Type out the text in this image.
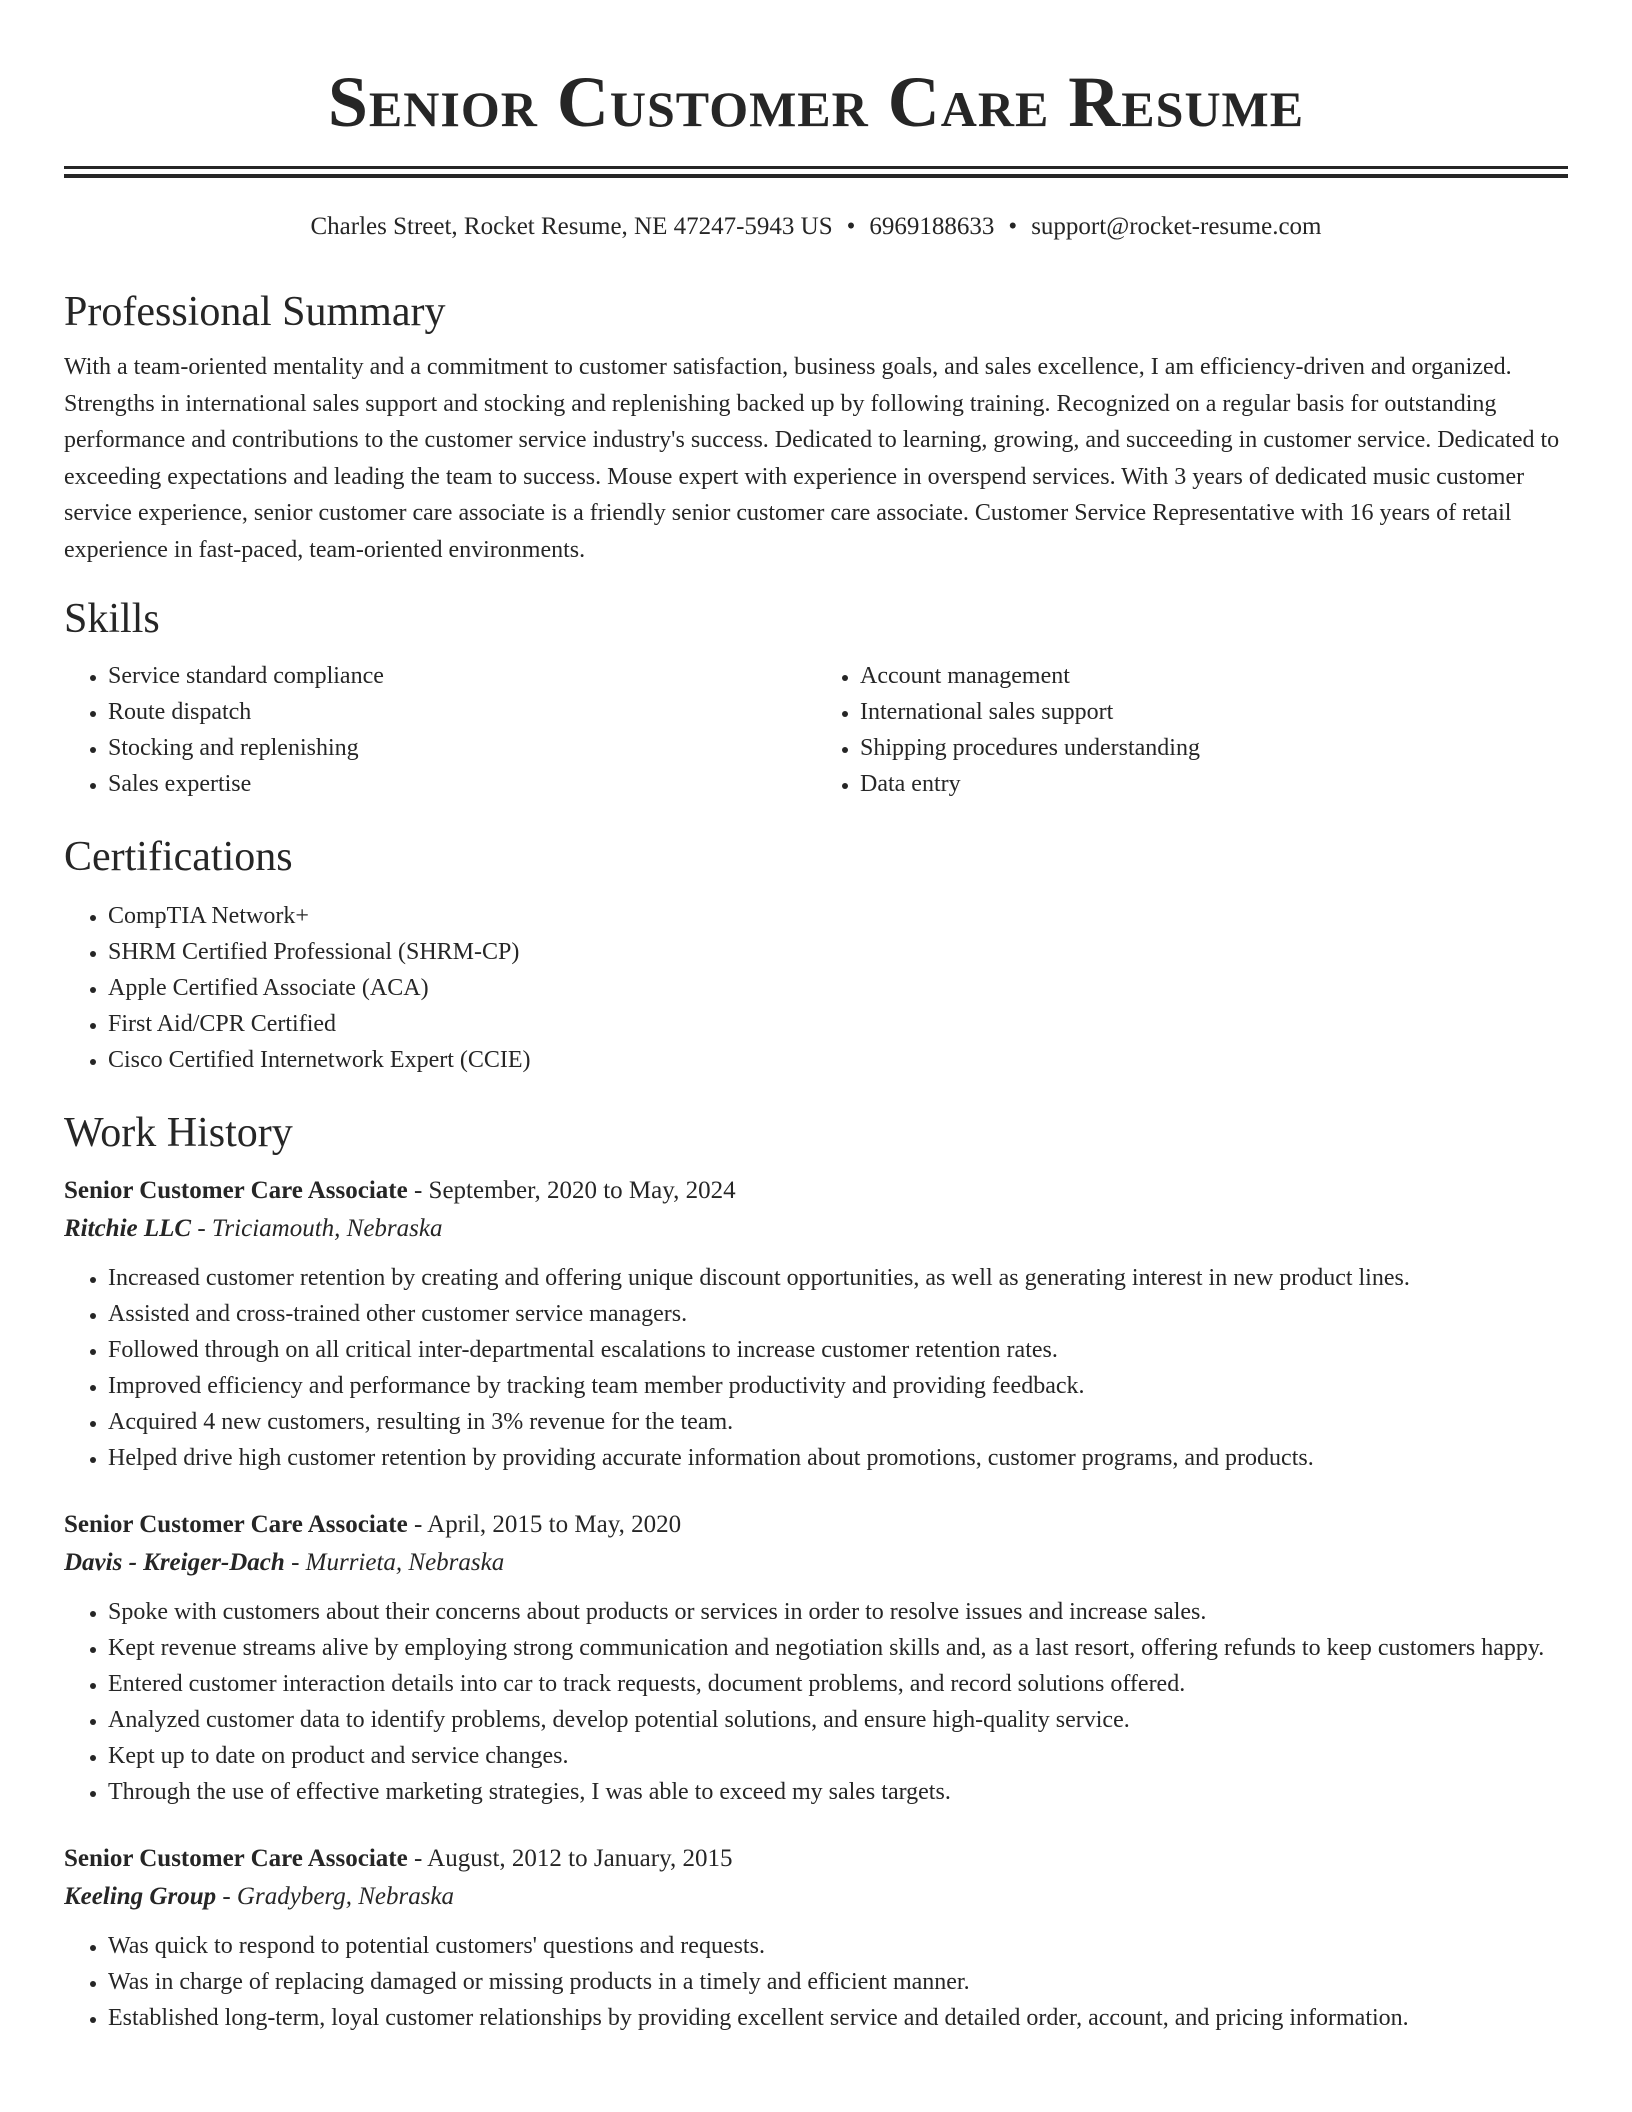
Senior Customer Care Resume
Charles Street, Rocket Resume, NE 47247-5943 US • 6969188633 • support@rocket-resume.com
Professional Summary

With a team-oriented mentality and a commitment to customer satisfaction, business goals, and sales excellence, I am efficiency-driven and organized. Strengths in international sales support and stocking and replenishing backed up by following training. Recognized on a regular basis for outstanding performance and contributions to the customer service industry's success. Dedicated to learning, growing, and succeeding in customer service. Dedicated to exceeding expectations and leading the team to success. Mouse expert with experience in overspend services. With 3 years of dedicated music customer service experience, senior customer care associate is a friendly senior customer care associate. Customer Service Representative with 16 years of retail experience in fast-paced, team-oriented environments.

Skills
• Service standard compliance
• Route dispatch
• Stocking and replenishing
• Sales expertise
• Account management
• International sales support
• Shipping procedures understanding
• Data entry
Certifications
• CompTIA Network+
• SHRM Certified Professional (SHRM-CP)
• Apple Certified Associate (ACA)
• First Aid/CPR Certified
• Cisco Certified Internetwork Expert (CCIE)
Work History
Senior Customer Care Associate - September, 2020 to May, 2024
Ritchie LLC - Triciamouth, Nebraska
• Increased customer retention by creating and offering unique discount opportunities, as well as generating interest in new product lines.
• Assisted and cross-trained other customer service managers.
• Followed through on all critical inter-departmental escalations to increase customer retention rates.
• Improved efficiency and performance by tracking team member productivity and providing feedback.
• Acquired 4 new customers, resulting in 3% revenue for the team.
• Helped drive high customer retention by providing accurate information about promotions, customer programs, and products.
Senior Customer Care Associate - April, 2015 to May, 2020
Davis - Kreiger-Dach - Murrieta, Nebraska
• Spoke with customers about their concerns about products or services in order to resolve issues and increase sales.
• Kept revenue streams alive by employing strong communication and negotiation skills and, as a last resort, offering refunds to keep customers happy.
• Entered customer interaction details into car to track requests, document problems, and record solutions offered.
• Analyzed customer data to identify problems, develop potential solutions, and ensure high-quality service.
• Kept up to date on product and service changes.
• Through the use of effective marketing strategies, I was able to exceed my sales targets.
Senior Customer Care Associate - August, 2012 to January, 2015
Keeling Group - Gradyberg, Nebraska
• Was quick to respond to potential customers' questions and requests.
• Was in charge of replacing damaged or missing products in a timely and efficient manner.
• Established long-term, loyal customer relationships by providing excellent service and detailed order, account, and pricing information.
